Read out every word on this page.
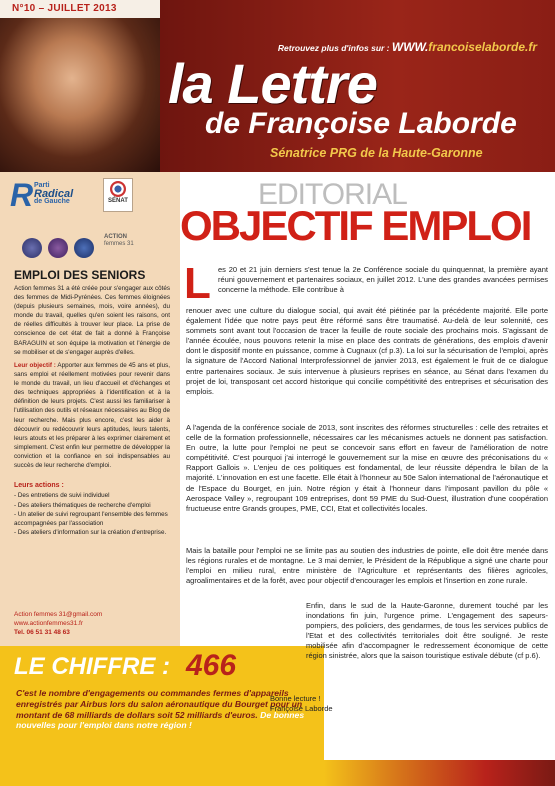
N°10 – JUILLET 2013
Retrouvez plus d'infos sur : WWW.francoiselaborde.fr
la Lettre
de Françoise Laborde
Sénatrice PRG de la Haute-Garonne
R Parti
Radical
de Gauche	SÉNAT
ACTION
femmes 31
EMPLOI DES SENIORS
Action femmes 31 a été créée pour s'engager aux côtés des femmes de Midi-Pyrénées. Ces femmes éloignées (depuis plusieurs semaines, mois, voire années), du monde du travail, quelles qu'en soient les raisons, ont de réelles difficultés à trouver leur place. La prise de conscience de cet état de fait a donné à Françoise BARAGUIN et son équipe la motivation et l'énergie de se mobiliser et de s'engager auprès d'elles.
Leur objectif : Apporter aux femmes de 45 ans et plus, sans emploi et réellement motivées pour revenir dans le monde du travail, un lieu d'accueil et d'échanges et des techniques appropriées à l'identification et à la définition de leurs projets. C'est aussi les familiariser à l'utilisation des outils et réseaux nécessaires au Blog de leur recherche. Mais plus encore, c'est les aider à découvrir ou redécouvrir leurs aptitudes, leurs talents, leurs atouts et les préparer à les exprimer clairement et simplement. C'est enfin leur permettre de développer la conviction et la confiance en soi indispensables au succès de leur recherche d'emploi.
Leurs actions :
- Des entretiens de suivi individuel
- Des ateliers thématiques de recherche d'emploi
- Un atelier de suivi regroupant l'ensemble des femmes accompagnées par l'association
- Des ateliers d'information sur la création d'entreprise.
Action femmes 31@gmail.com
www.actionfemmes31.fr
Tel. 06 51 31 48 63
LE CHIFFRE : 466
C'est le nombre d'engagements ou commandes fermes d'appareils enregistrés par Airbus lors du salon aéronautique du Bourget pour un montant de 68 milliards de dollars soit 52 milliards d'euros. De bonnes nouvelles pour l'emploi dans notre région !
EDITORIAL
OBJECTIF EMPLOI
L es 20 et 21 juin derniers s'est tenue la 2e Conférence sociale du quinquennat, la première ayant réuni gouvernement et partenaires sociaux, en juillet 2012. L'une des grandes avancées permises concerne la méthode. Elle contribue à
renouer avec une culture du dialogue social, qui avait été piétinée par la précédente majorité. Elle porte également l'idée que notre pays peut être réformé sans être traumatisé. Au-delà de leur solennité, ces sommets sont avant tout l'occasion de tracer la feuille de route sociale des prochains mois. S'agissant de l'année écoulée, nous pouvons retenir la mise en place des contrats de générations, des emplois d'avenir dont le dispositif monte en puissance, comme à Cugnaux (cf p.3). La loi sur la sécurisation de l'emploi, après la signature de l'Accord National Interprofessionnel de janvier 2013, est également le fruit de ce dialogue entre partenaires sociaux. Je suis intervenue à plusieurs reprises en séance, au Sénat dans l'examen du projet de loi, transposant cet accord historique qui concilie compétitivité des entreprises et sécurisation des emplois.
A l'agenda de la conférence sociale de 2013, sont inscrites des réformes structurelles : celle des retraites et celle de la formation professionnelle, nécessaires car les mécanismes actuels ne donnent pas satisfaction. En outre, la lutte pour l'emploi ne peut se concevoir sans effort en faveur de l'amélioration de notre compétitivité. C'est pourquoi j'ai interrogé le gouvernement sur la mise en œuvre des préconisations du « Rapport Gallois ». L'enjeu de ces politiques est fondamental, de leur réussite dépendra le bilan de la majorité. L'innovation en est une facette. Elle était à l'honneur au 50e Salon international de l'aéronautique et de l'Espace du Bourget, en juin. Notre région y était à l'honneur dans l'imposant pavillon du pôle « Aerospace Valley », regroupant 109 entreprises, dont 59 PME du Sud-Ouest, illustration d'une coopération fructueuse entre Grands groupes, PME, CCI, Etat et collectivités locales.
Mais la bataille pour l'emploi ne se limite pas au soutien des industries de pointe, elle doit être menée dans les régions rurales et de montagne. Le 3 mai dernier, le Président de la République a signé une charte pour l'emploi en milieu rural, entre ministère de l'Agriculture et représentants des filières agricoles, agroalimentaires et de la forêt, avec pour objectif d'encourager les emplois et l'insertion en zone rurale.
Enfin, dans le sud de la Haute-Garonne, durement touché par les inondations fin juin, l'urgence prime. L'engagement des sapeurs-pompiers, des policiers, des gendarmes, de tous les services publics de l'Etat et des collectivités territoriales doit être souligné. Je reste mobilisée afin d'accompagner le redressement économique de cette région sinistrée, alors que la saison touristique estivale débute (cf p.6).
Bonne lecture !
Françoise Laborde
